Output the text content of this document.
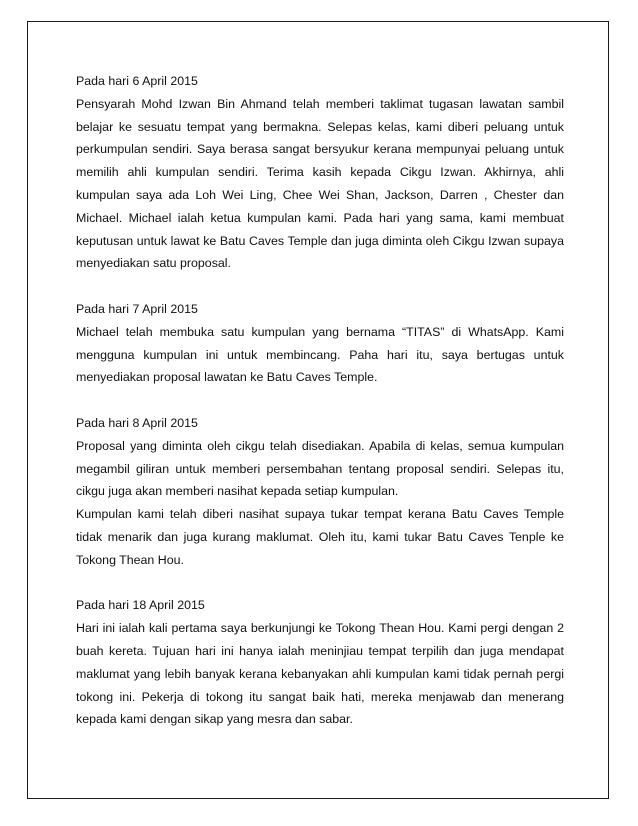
Pada hari 6 April 2015

Pensyarah Mohd Izwan Bin Ahmand telah memberi taklimat tugasan lawatan sambil belajar ke sesuatu tempat yang bermakna. Selepas kelas, kami diberi peluang untuk perkumpulan sendiri. Saya berasa sangat bersyukur kerana mempunyai peluang untuk memilih ahli kumpulan sendiri. Terima kasih kepada Cikgu Izwan. Akhirnya, ahli kumpulan saya ada Loh Wei Ling, Chee Wei Shan, Jackson, Darren , Chester dan Michael. Michael ialah ketua kumpulan kami. Pada hari yang sama, kami membuat keputusan untuk lawat ke Batu Caves Temple dan juga diminta oleh Cikgu Izwan supaya menyediakan satu proposal.

Pada hari 7 April 2015

Michael telah membuka satu kumpulan yang bernama “TITAS” di WhatsApp. Kami mengguna kumpulan ini untuk membincang. Paha hari itu, saya bertugas untuk menyediakan proposal lawatan ke Batu Caves Temple.

Pada hari 8 April 2015

Proposal yang diminta oleh cikgu telah disediakan. Apabila di kelas, semua kumpulan megambil giliran untuk memberi persembahan tentang proposal sendiri. Selepas itu, cikgu juga akan memberi nasihat kepada setiap kumpulan.

Kumpulan kami telah diberi nasihat supaya tukar tempat kerana Batu Caves Temple tidak menarik dan juga kurang maklumat. Oleh itu, kami tukar Batu Caves Tenple ke Tokong Thean Hou.

Pada hari 18 April 2015

Hari ini ialah kali pertama saya berkunjungi ke Tokong Thean Hou. Kami pergi dengan 2 buah kereta. Tujuan hari ini hanya ialah meninjiau tempat terpilih dan juga mendapat maklumat yang lebih banyak kerana kebanyakan ahli kumpulan kami tidak pernah pergi tokong ini. Pekerja di tokong itu sangat baik hati, mereka menjawab dan menerang kepada kami dengan sikap yang mesra dan sabar.
